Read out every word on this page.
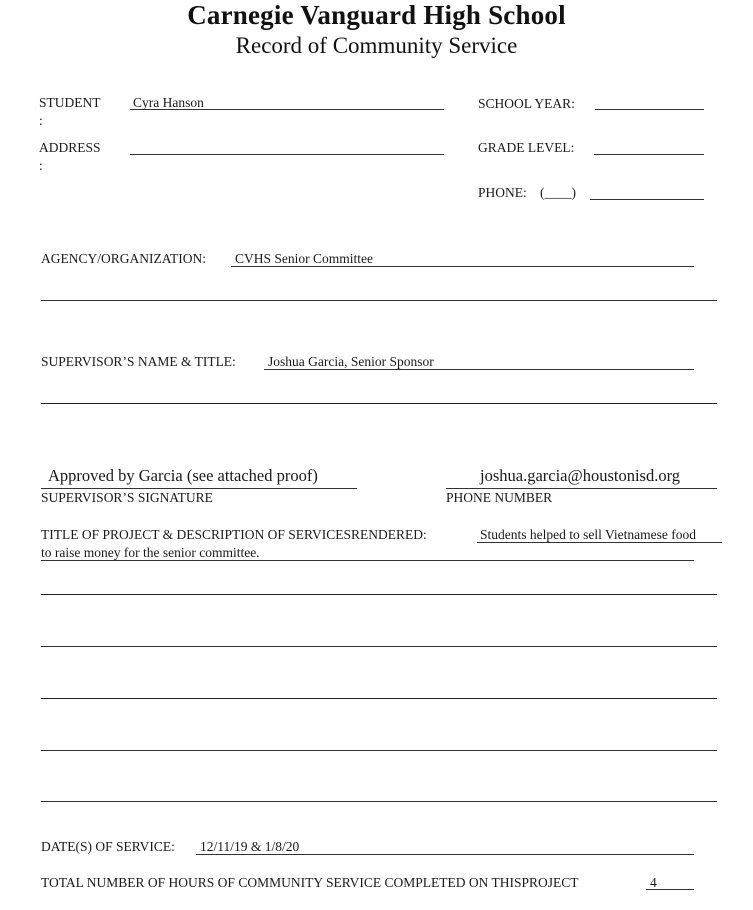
Carnegie Vanguard High School
Record of Community Service
STUDENT
:
Cyra Hanson	SCHOOL YEAR:
ADDRESS
:
GRADE LEVEL:
PHONE: (____)
AGENCY/ORGANIZATION: CVHS Senior Committee
SUPERVISOR’S NAME & TITLE: Joshua Garcia, Senior Sponsor
Approved by Garcia (see attached proof)
SUPERVISOR’S SIGNATURE
joshua.garcia@houstonisd.org
PHONE NUMBER
TITLE OF PROJECT & DESCRIPTION OF SERVICESRENDERED:	Students helped to sell Vietnamese food
to raise money for the senior committee.
DATE(S) OF SERVICE: 12/11/19 & 1/8/20
TOTAL NUMBER OF HOURS OF COMMUNITY SERVICE COMPLETED ON THISPROJECT	4
